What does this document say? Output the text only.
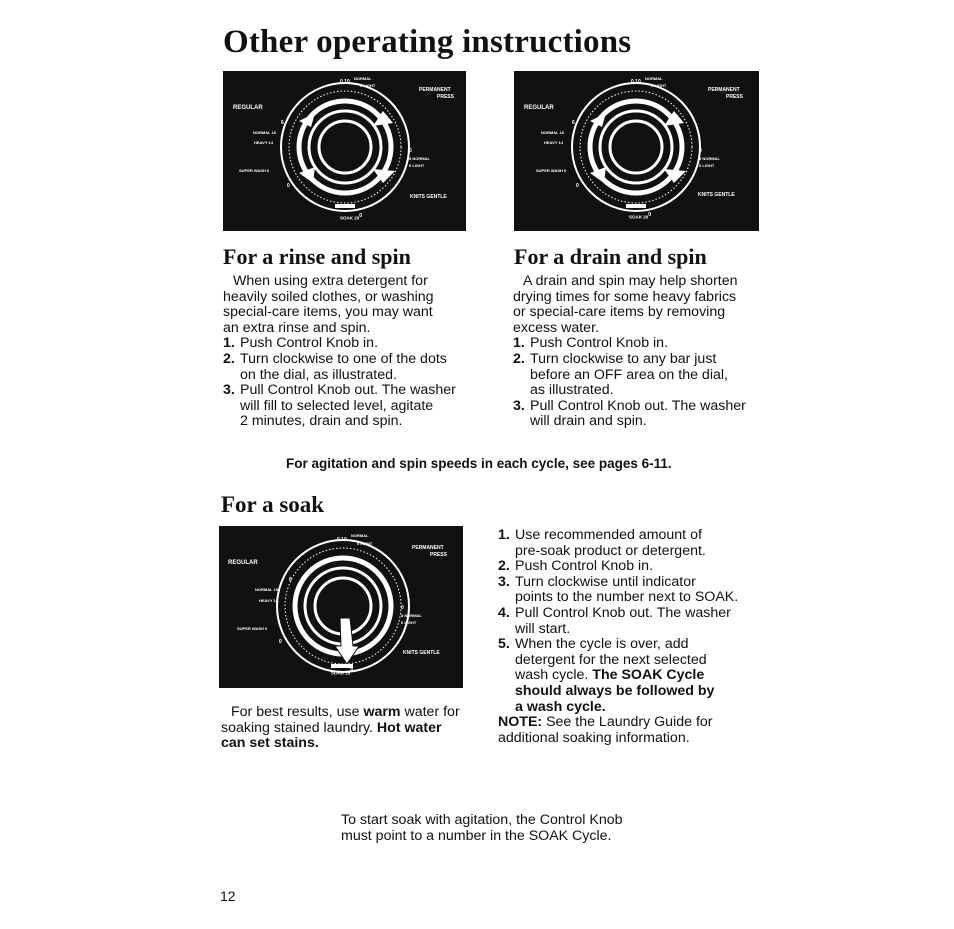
Other operating instructions
0 10
NORMAL
6 LIGHT
PERMANENT
PRESS
REGULAR
6
NORMAL 10
HEAVY 14
SUPER WASH 6
0
0
8 NORMAL
6 LIGHT
KNITS GENTLE
SOAK $20^0$
0 10
NORMAL
6 LIGHT
PERMANENT
PRESS
REGULAR
6
NORMAL 10
HEAVY 14
SUPER WASH 6
0
0
8 NORMAL
6 LIGHT
KNITS GENTLE
SOAK $20^0$
For a rinse and spin
When using extra detergent for
heavily soiled clothes, or washing
special-care items, you may want
an extra rinse and spin.
1. Push Control Knob in.
2. Turn clockwise to one of the dots
on the dial, as illustrated.
3. Pull Control Knob out. The washer
will fill to selected level, agitate
2 minutes, drain and spin.
For a drain and spin
A drain and spin may help shorten
drying times for some heavy fabrics
or special-care items by removing
excess water.
1. Push Control Knob in.
2. Turn clockwise to any bar just
before an OFF area on the dial,
as illustrated.
3. Pull Control Knob out. The washer
will drain and spin.
For agitation and spin speeds in each cycle, see pages 6-11.
For a soak
0 10
NORMAL
6 LIGHT
PERMANENT
PRESS
REGULAR
6
NORMAL 10
HEAVY 14
SUPER WASH 6
0
0
8 NORMAL
6 LIGHT
KNITS GENTLE
SOAK $20^0$
For best results, use warm water for
soaking stained laundry. Hot water
can set stains.
1. Use recommended amount of
pre-soak product or detergent.
2. Push Control Knob in.
3. Turn clockwise until indicator
points to the number next to SOAK.
4. Pull Control Knob out. The washer
will start.
5. When the cycle is over, add
detergent for the next selected
wash cycle. The SOAK Cycle
should always be followed by
a wash cycle.
NOTE: See the Laundry Guide for
additional soaking information.
To start soak with agitation, the Control Knob
must point to a number in the SOAK Cycle.
12
